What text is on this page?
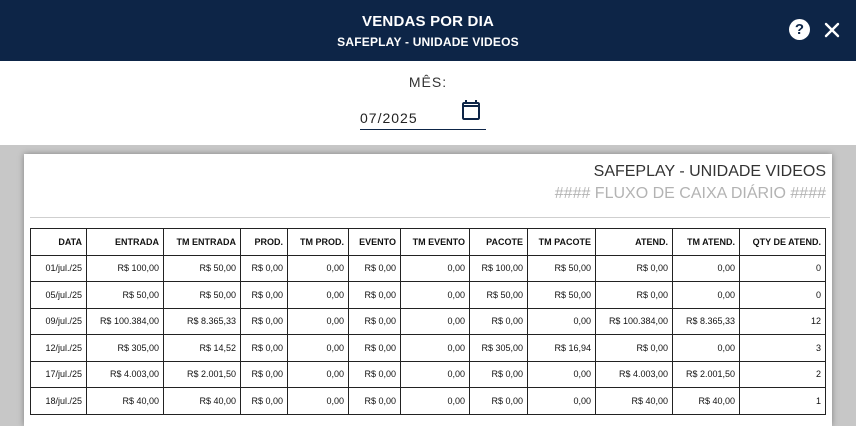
VENDAS POR DIA
SAFEPLAY - UNIDADE VIDEOS
?
MÊS:
07/2025
SAFEPLAY - UNIDADE VIDEOS
#### FLUXO DE CAIXA DIÁRIO ####
DATA	ENTRADA	TM ENTRADA	PROD.	TM PROD.	EVENTO	TM EVENTO	PACOTE	TM PACOTE	ATEND.	TM ATEND.	QTY DE ATEND.
01/jul./25	R$ 100,00	R$ 50,00	R$ 0,00	0,00	R$ 0,00	0,00	R$ 100,00	R$ 50,00	R$ 0,00	0,00	0
05/jul./25	R$ 50,00	R$ 50,00	R$ 0,00	0,00	R$ 0,00	0,00	R$ 50,00	R$ 50,00	R$ 0,00	0,00	0
09/jul./25	R$ 100.384,00	R$ 8.365,33	R$ 0,00	0,00	R$ 0,00	0,00	R$ 0,00	0,00	R$ 100.384,00	R$ 8.365,33	12
12/jul./25	R$ 305,00	R$ 14,52	R$ 0,00	0,00	R$ 0,00	0,00	R$ 305,00	R$ 16,94	R$ 0,00	0,00	3
17/jul./25	R$ 4.003,00	R$ 2.001,50	R$ 0,00	0,00	R$ 0,00	0,00	R$ 0,00	0,00	R$ 4.003,00	R$ 2.001,50	2
18/jul./25	R$ 40,00	R$ 40,00	R$ 0,00	0,00	R$ 0,00	0,00	R$ 0,00	0,00	R$ 40,00	R$ 40,00	1
